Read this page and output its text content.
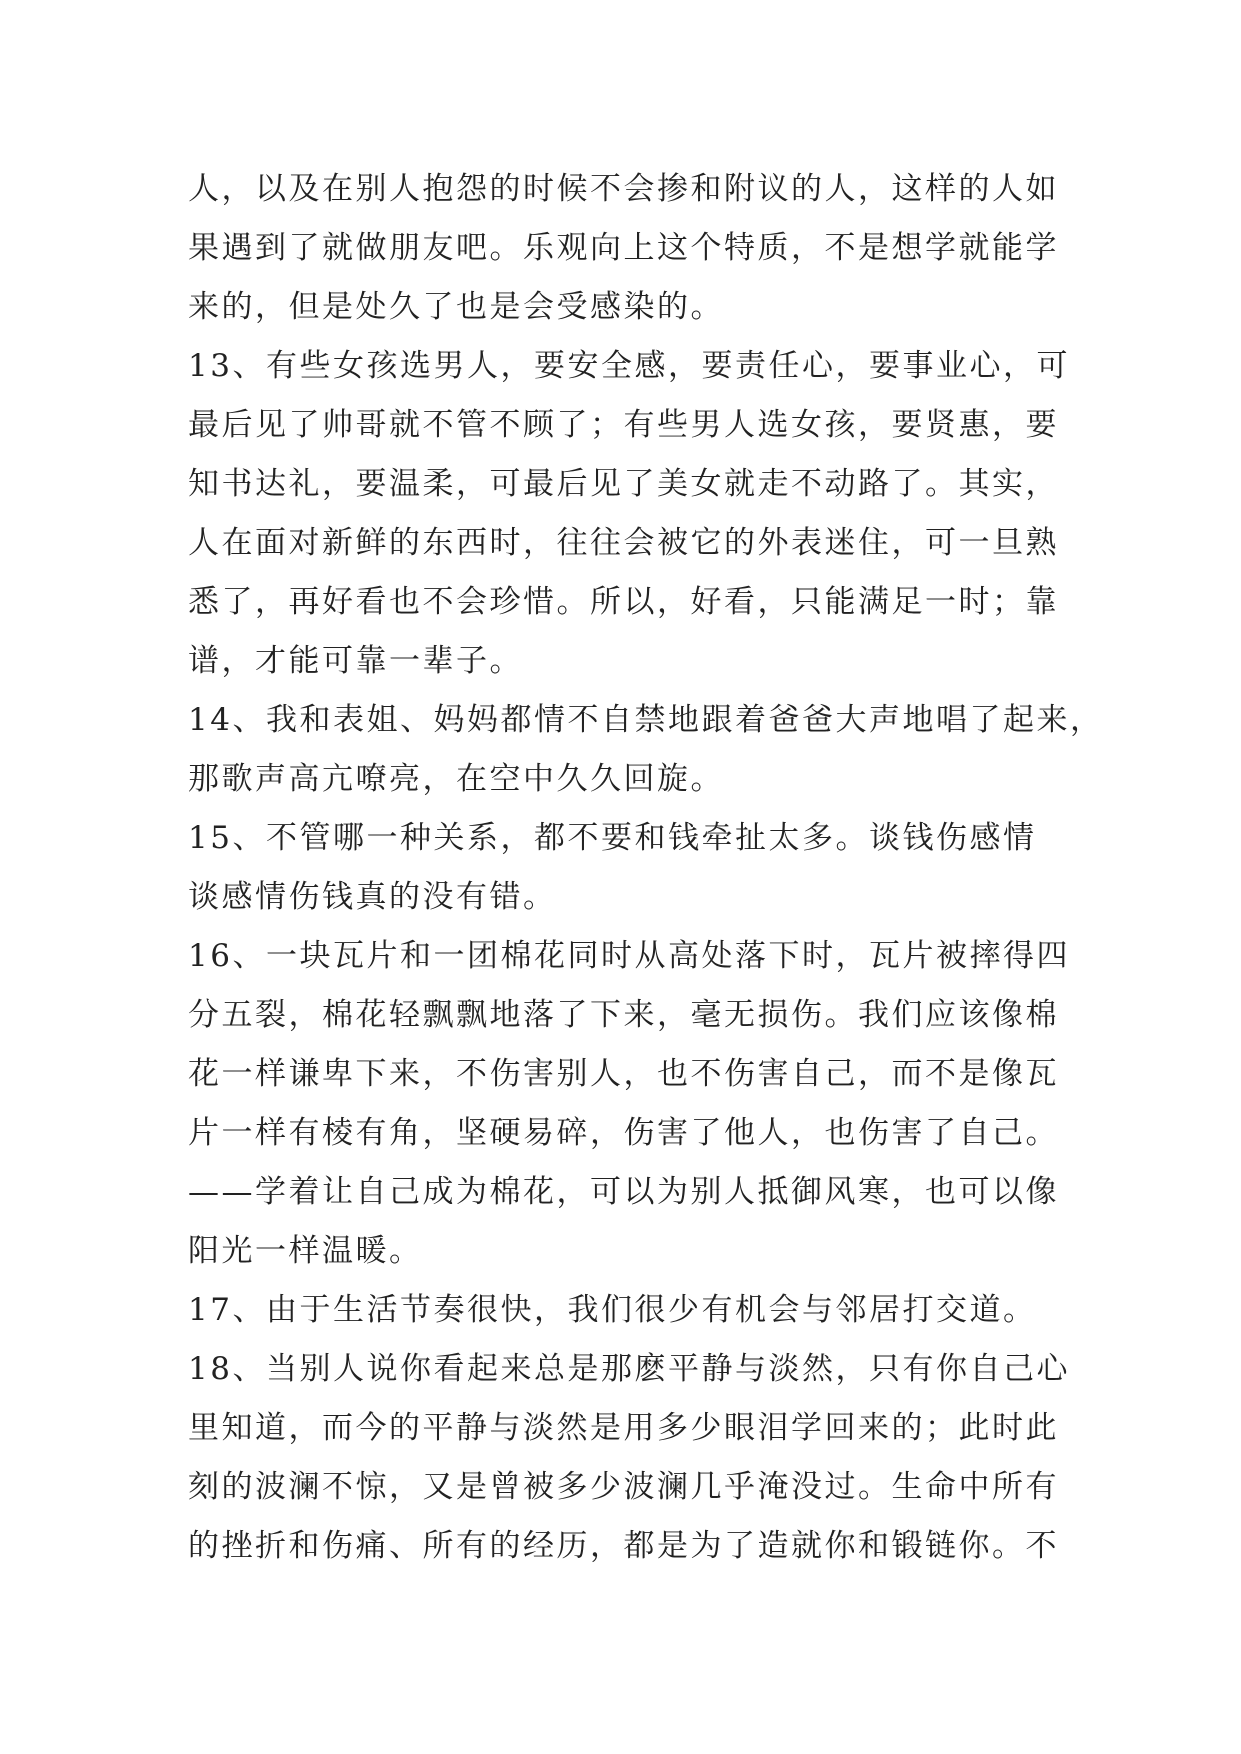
人，以及在别人抱怨的时候不会掺和附议的人，这样的人如
果遇到了就做朋友吧。乐观向上这个特质，不是想学就能学
来的，但是处久了也是会受感染的。
13、有些女孩选男人，要安全感，要责任心，要事业心，可
最后见了帅哥就不管不顾了；有些男人选女孩，要贤惠，要
知书达礼，要温柔，可最后见了美女就走不动路了。其实，
人在面对新鲜的东西时，往往会被它的外表迷住，可一旦熟
悉了，再好看也不会珍惜。所以，好看，只能满足一时；靠
谱，才能可靠一辈子。
14、我和表姐、妈妈都情不自禁地跟着爸爸大声地唱了起来，
那歌声高亢嘹亮，在空中久久回旋。
15、不管哪一种关系，都不要和钱牵扯太多。谈钱伤感情
谈感情伤钱真的没有错。
16、一块瓦片和一团棉花同时从高处落下时，瓦片被摔得四
分五裂，棉花轻飘飘地落了下来，毫无损伤。我们应该像棉
花一样谦卑下来，不伤害别人，也不伤害自己，而不是像瓦
片一样有棱有角，坚硬易碎，伤害了他人，也伤害了自己。
——学着让自己成为棉花，可以为别人抵御风寒，也可以像
阳光一样温暖。
17、由于生活节奏很快，我们很少有机会与邻居打交道。
18、当别人说你看起来总是那麽平静与淡然，只有你自己心
里知道，而今的平静与淡然是用多少眼泪学回来的；此时此
刻的波澜不惊，又是曾被多少波澜几乎淹没过。生命中所有
的挫折和伤痛、所有的经历，都是为了造就你和锻链你。不
